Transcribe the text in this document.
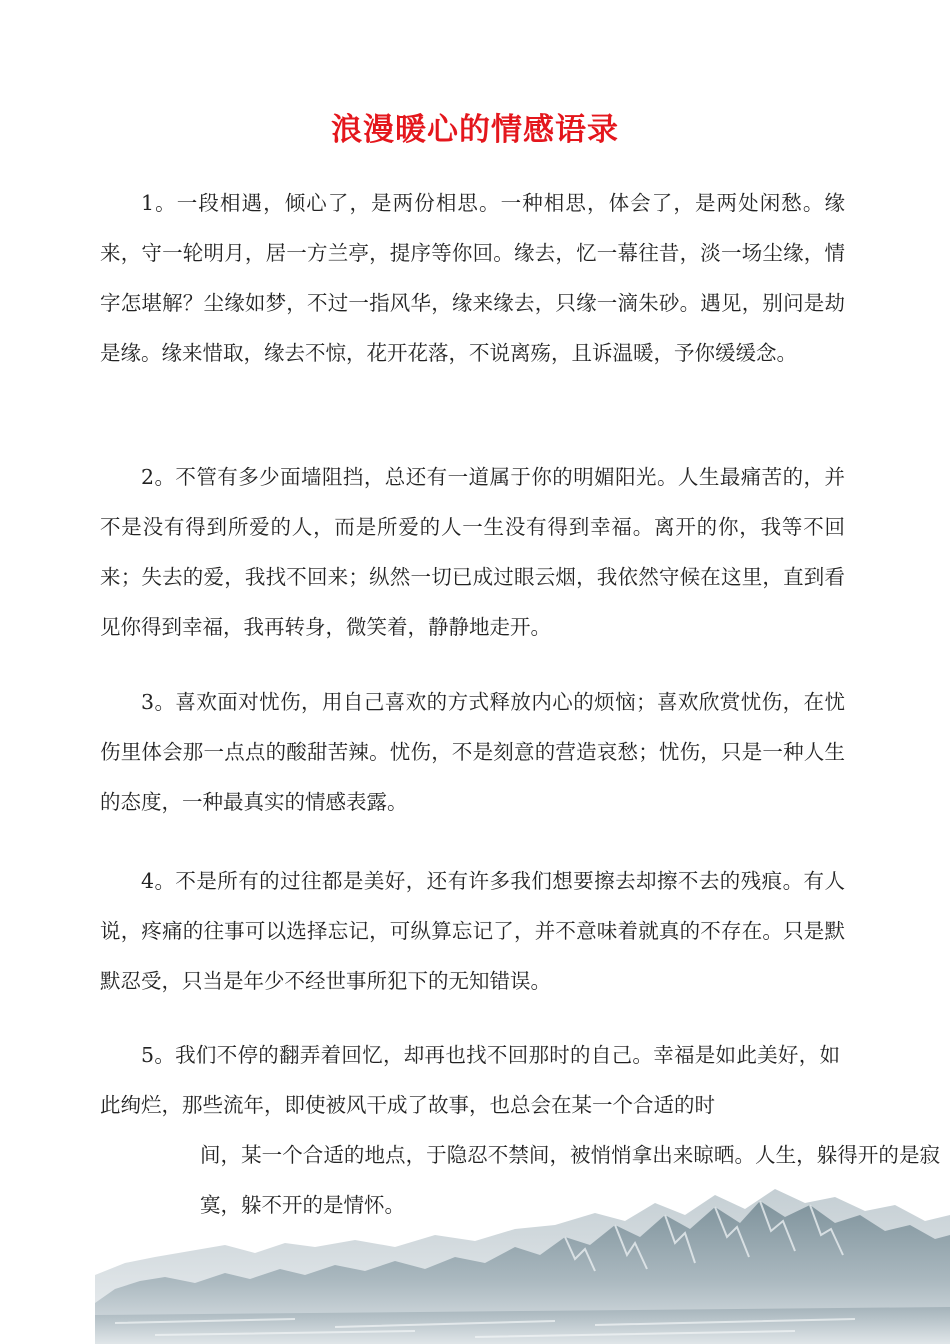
浪漫暖心的情感语录

1。一段相遇，倾心了，是两份相思。一种相思，体会了，是两处闲愁。缘来，守一轮明月，居一方兰亭，提序等你回。缘去，忆一幕往昔，淡一场尘缘，情字怎堪解？尘缘如梦，不过一指风华，缘来缘去，只缘一滴朱砂。遇见，别问是劫是缘。缘来惜取，缘去不惊，花开花落，不说离殇，且诉温暖，予你缓缓念。

2。不管有多少面墙阻挡，总还有一道属于你的明媚阳光。人生最痛苦的，并不是没有得到所爱的人，而是所爱的人一生没有得到幸福。离开的你，我等不回来；失去的爱，我找不回来；纵然一切已成过眼云烟，我依然守候在这里，直到看见你得到幸福，我再转身，微笑着，静静地走开。

3。喜欢面对忧伤，用自己喜欢的方式释放内心的烦恼；喜欢欣赏忧伤，在忧伤里体会那一点点的酸甜苦辣。忧伤，不是刻意的营造哀愁；忧伤，只是一种人生的态度，一种最真实的情感表露。

4。不是所有的过往都是美好，还有许多我们想要擦去却擦不去的残痕。有人说，疼痛的往事可以选择忘记，可纵算忘记了，并不意味着就真的不存在。只是默默忍受，只当是年少不经世事所犯下的无知错误。

5。我们不停的翻弄着回忆，却再也找不回那时的自己。幸福是如此美好，如此绚烂，那些流年，即使被风干成了故事，也总会在某一个合适的时

间，某一个合适的地点，于隐忍不禁间，被悄悄拿出来晾晒。人生，躲得开的是寂寞，躲不开的是情怀。
